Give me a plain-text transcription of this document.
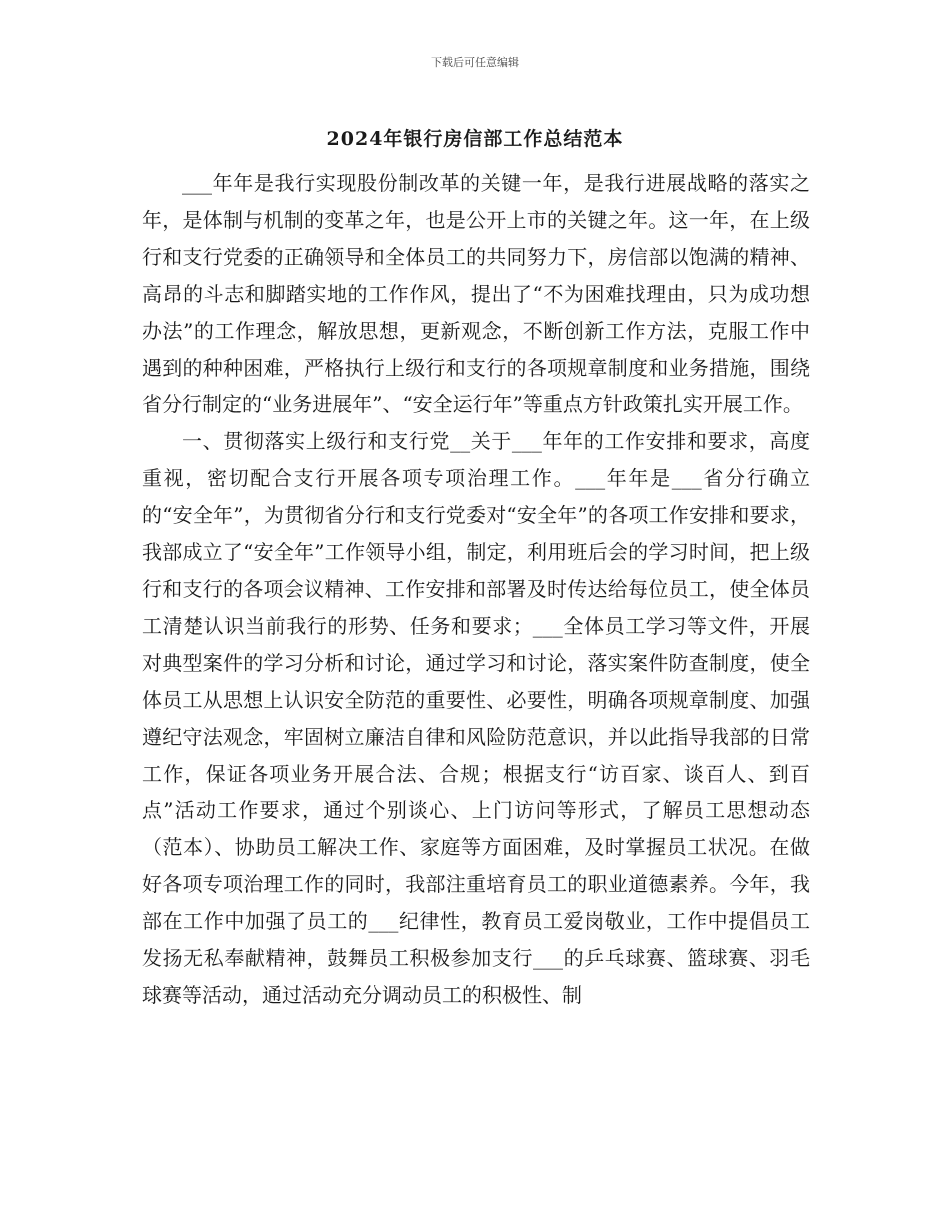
下载后可任意编辑
2024年银行房信部工作总结范本

___年年是我行实现股份制改革的关键一年，是我行进展战略的落实之年，是体制与机制的变革之年，也是公开上市的关键之年。这一年，在上级行和支行党委的正确领导和全体员工的共同努力下，房信部以饱满的精神、高昂的斗志和脚踏实地的工作作风，提出了“不为困难找理由，只为成功想办法”的工作理念，解放思想，更新观念，不断创新工作方法，克服工作中遇到的种种困难，严格执行上级行和支行的各项规章制度和业务措施，围绕省分行制定的“业务进展年”、“安全运行年”等重点方针政策扎实开展工作。

一、贯彻落实上级行和支行党__关于___年年的工作安排和要求，高度重视，密切配合支行开展各项专项治理工作。___年年是___省分行确立的“安全年”，为贯彻省分行和支行党委对“安全年”的各项工作安排和要求，我部成立了“安全年”工作领导小组，制定，利用班后会的学习时间，把上级行和支行的各项会议精神、工作安排和部署及时传达给每位员工，使全体员工清楚认识当前我行的形势、任务和要求；___全体员工学习等文件，开展对典型案件的学习分析和讨论，通过学习和讨论，落实案件防查制度，使全体员工从思想上认识安全防范的重要性、必要性，明确各项规章制度、加强遵纪守法观念，牢固树立廉洁自律和风险防范意识，并以此指导我部的日常工作，保证各项业务开展合法、合规；根据支行“访百家、谈百人、到百点”活动工作要求，通过个别谈心、上门访问等形式，了解员工思想动态（范本）、协助员工解决工作、家庭等方面困难，及时掌握员工状况。在做好各项专项治理工作的同时，我部注重培育员工的职业道德素养。今年，我部在工作中加强了员工的___纪律性，教育员工爱岗敬业，工作中提倡员工发扬无私奉献精神，鼓舞员工积极参加支行___的乒乓球赛、篮球赛、羽毛球赛等活动，通过活动充分调动员工的积极性、制
